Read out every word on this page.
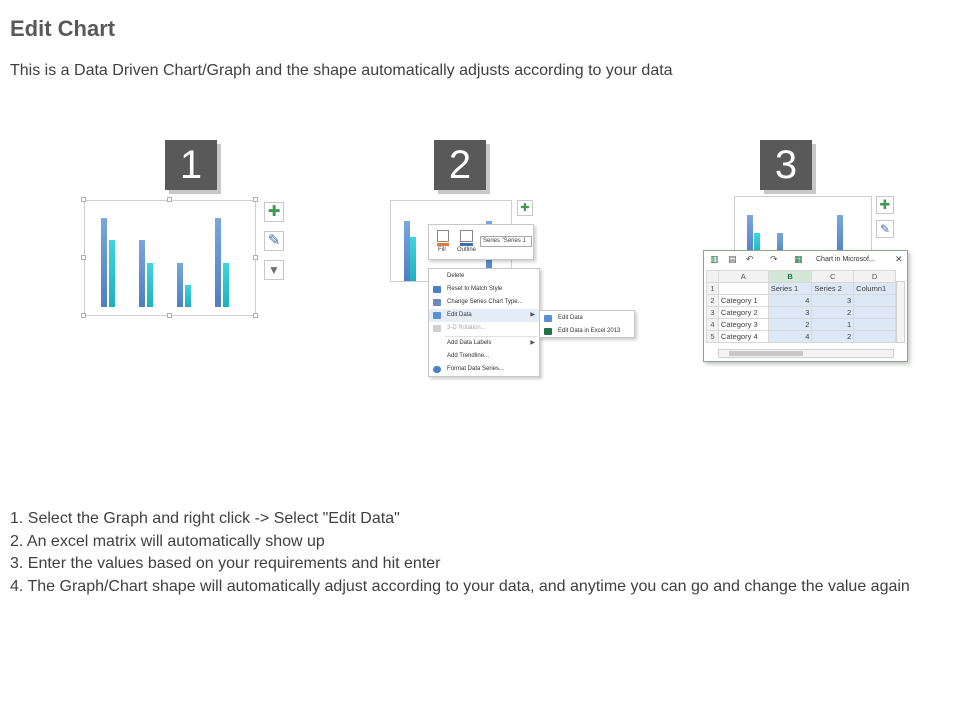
Edit Chart
This is a Data Driven Chart/Graph and the shape automatically adjusts according to your data
1
✚
✎
▼
2
✚
Fill Outline
Series "Series 1
Delete
Reset to Match Style
Change Series Chart Type...
Edit Data	▶
3-D Rotation...
Add Data Labels	▶
Add Trendline...
Format Data Series...
Edit Data
Edit Data in Excel 2013
3
✚
✎
▥ ▤ ↶ ↷ ▦ Chart in Microsof... ✕
	A	B	C	D
1		Series 1	Series 2	Column1
2	Category 1	4	3	
3	Category 2	3	2	
4	Category 3	2	1	
5	Category 4	4	2	
1. Select the Graph and right click -> Select "Edit Data"
2. An excel matrix will automatically show up
3. Enter the values based on your requirements and hit enter
4. The Graph/Chart shape will automatically adjust according to your data, and anytime you can go and change the value again
